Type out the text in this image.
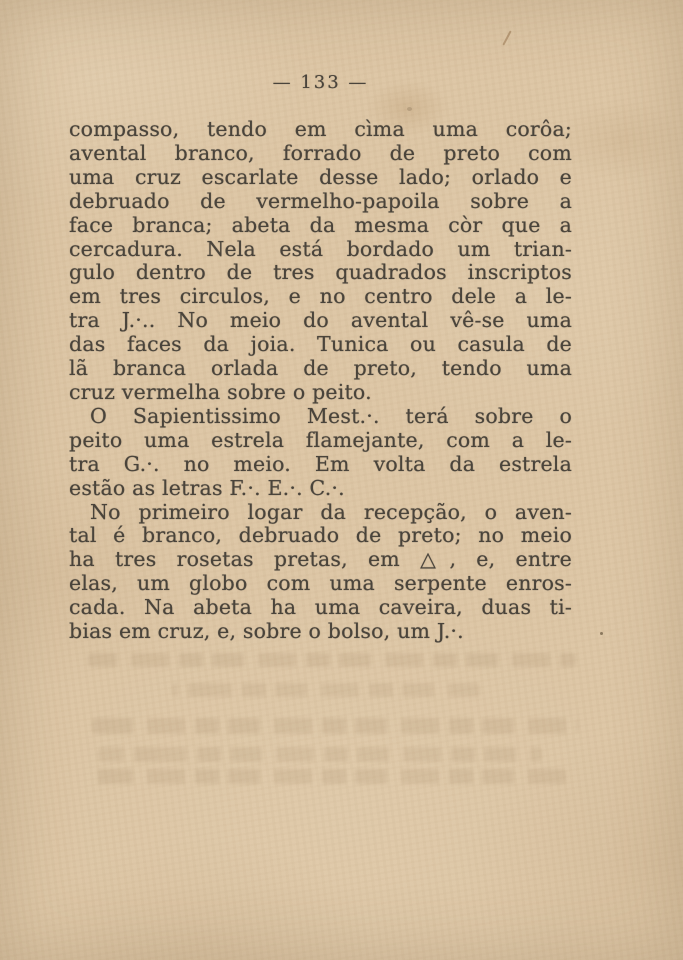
— 133 —
compasso, tendo em cìma uma corôa;
avental branco, forrado de preto com
uma cruz escarlate desse lado; orlado e
debruado de vermelho-papoila sobre a
face branca; abeta da mesma còr que a
cercadura. Nela está bordado um trian-
gulo dentro de tres quadrados inscriptos
em tres circulos, e no centro dele a le-
tra J.·.. No meio do avental vê-se uma
das faces da joia. Tunica ou casula de
lã branca orlada de preto, tendo uma
cruz vermelha sobre o peito.
O Sapientissimo Mest.·. terá sobre o
peito uma estrela flamejante, com a le-
tra G.·. no meio. Em volta da estrela
estão as letras F.·. E.·. C.·.
No primeiro logar da recepção, o aven-
tal é branco, debruado de preto; no meio
ha tres rosetas pretas, em △, e, entre
elas, um globo com uma serpente enros-
cada. Na abeta ha uma caveira, duas ti-
bias em cruz, e, sobre o bolso, um J.·.
